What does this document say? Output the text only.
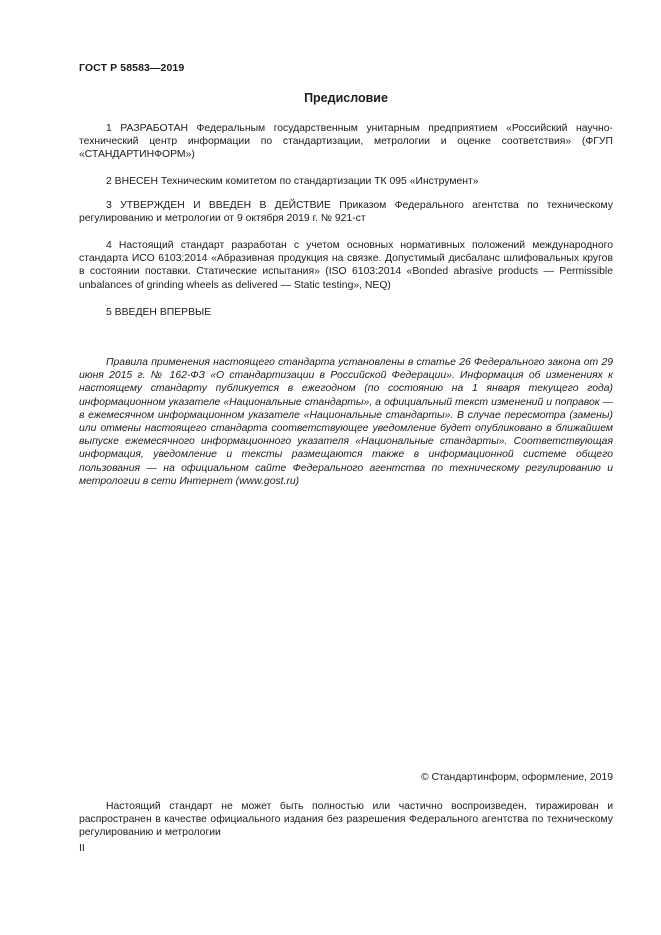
ГОСТ Р 58583—2019
Предисловие

1 РАЗРАБОТАН Федеральным государственным унитарным предприятием «Российский научно-технический центр информации по стандартизации, метрологии и оценке соответствия» (ФГУП «СТАНДАРТИНФОРМ»)

2 ВНЕСЕН Техническим комитетом по стандартизации ТК 095 «Инструмент»

3 УТВЕРЖДЕН И ВВЕДЕН В ДЕЙСТВИЕ Приказом Федерального агентства по техническому регулированию и метрологии от 9 октября 2019 г. № 921-ст

4 Настоящий стандарт разработан с учетом основных нормативных положений международного стандарта ИСО 6103:2014 «Абразивная продукция на связке. Допустимый дисбаланс шлифовальных кругов в состоянии поставки. Статические испытания» (ISO 6103:2014 «Bonded abrasive products — Permissible unbalances of grinding wheels as delivered — Static testing», NEQ)

5 ВВЕДЕН ВПЕРВЫЕ

Правила применения настоящего стандарта установлены в статье 26 Федерального закона от 29 июня 2015 г. № 162-ФЗ «О стандартизации в Российской Федерации». Информация об изменениях к настоящему стандарту публикуется в ежегодном (по состоянию на 1 января текущего года) информационном указателе «Национальные стандарты», а официальный текст изменений и поправок — в ежемесячном информационном указателе «Национальные стандарты». В случае пересмотра (замены) или отмены настоящего стандарта соответствующее уведомление будет опубликовано в ближайшем выпуске ежемесячного информационного указателя «Национальные стандарты». Соответствующая информация, уведомление и тексты размещаются также в информационной системе общего пользования — на официальном сайте Федерального агентства по техническому регулированию и метрологии в сети Интернет (www.gost.ru)

© Стандартинформ, оформление, 2019

Настоящий стандарт не может быть полностью или частично воспроизведен, тиражирован и распространен в качестве официального издания без разрешения Федерального агентства по техническому регулированию и метрологии

II
